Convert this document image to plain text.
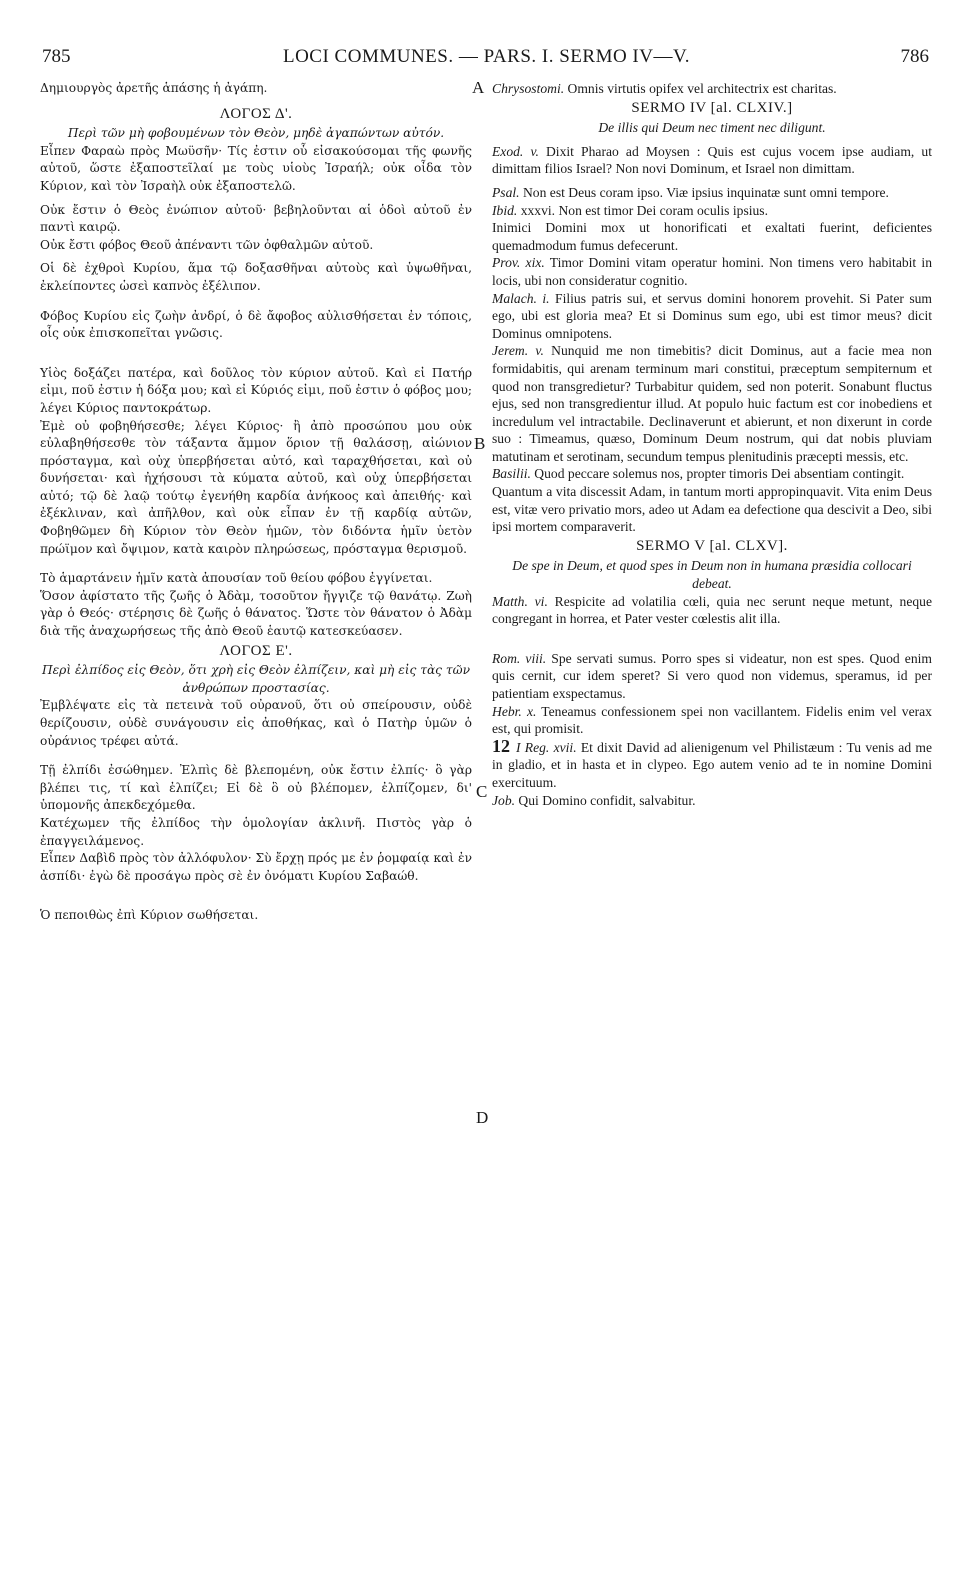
785	LOCI COMMUNES. — PARS. I. SERMO IV—V.	786
A
B
C
D

Δημιουργὸς ἀρετῆς ἁπάσης ἡ ἀγάπη.

ΛΟΓΟΣ Δ'.

Περὶ τῶν μὴ φοβουμένων τὸν Θεὸν, μηδὲ ἀγαπώντων αὐτόν.

Εἶπεν Φαραὼ πρὸς Μωϋσῆν· Τίς ἐστιν οὗ εἰσακούσομαι τῆς φωνῆς αὐτοῦ, ὥστε ἐξαποστεῖλαί με τοὺς υἱοὺς Ἰσραήλ; οὐκ οἶδα τὸν Κύριον, καὶ τὸν Ἰσραὴλ οὐκ ἐξαποστελῶ.

Οὐκ ἔστιν ὁ Θεὸς ἐνώπιον αὐτοῦ· βεβηλοῦνται αἱ ὁδοὶ αὐτοῦ ἐν παντὶ καιρῷ.

Οὐκ ἔστι φόβος Θεοῦ ἀπέναντι τῶν ὀφθαλμῶν αὐτοῦ.

Οἱ δὲ ἐχθροὶ Κυρίου, ἅμα τῷ δοξασθῆναι αὐτοὺς καὶ ὑψωθῆναι, ἐκλείποντες ὡσεὶ καπνὸς ἐξέλιπον.

Φόβος Κυρίου εἰς ζωὴν ἀνδρί, ὁ δὲ ἄφοβος αὐλισθήσεται ἐν τόποις, οἷς οὐκ ἐπισκοπεῖται γνῶσις.

Υἱὸς δοξάζει πατέρα, καὶ δοῦλος τὸν κύριον αὐτοῦ. Καὶ εἰ Πατήρ εἰμι, ποῦ ἐστιν ἡ δόξα μου; καὶ εἰ Κύριός εἰμι, ποῦ ἐστιν ὁ φόβος μου; λέγει Κύριος παντοκράτωρ.

Ἐμὲ οὐ φοβηθήσεσθε; λέγει Κύριος· ἢ ἀπὸ προσώπου μου οὐκ εὐλαβηθήσεσθε τὸν τάξαντα ἄμμον ὅριον τῇ θαλάσσῃ, αἰώνιον πρόσταγμα, καὶ οὐχ ὑπερβήσεται αὐτό, καὶ ταραχθήσεται, καὶ οὐ δυνήσεται· καὶ ἠχήσουσι τὰ κύματα αὐτοῦ, καὶ οὐχ ὑπερβήσεται αὐτό; τῷ δὲ λαῷ τούτῳ ἐγενήθη καρδία ἀνήκοος καὶ ἀπειθής· καὶ ἐξέκλιναν, καὶ ἀπῆλθον, καὶ οὐκ εἶπαν ἐν τῇ καρδίᾳ αὐτῶν, Φοβηθῶμεν δὴ Κύριον τὸν Θεὸν ἡμῶν, τὸν διδόντα ἡμῖν ὑετὸν πρώϊμον καὶ ὄψιμον, κατὰ καιρὸν πληρώσεως, πρόσταγμα θερισμοῦ.

Τὸ ἁμαρτάνειν ἡμῖν κατὰ ἀπουσίαν τοῦ θείου φόβου ἐγγίνεται.

Ὅσον ἀφίστατο τῆς ζωῆς ὁ Ἀδὰμ, τοσοῦτον ἤγγιζε τῷ θανάτῳ. Ζωὴ γὰρ ὁ Θεός· στέρησις δὲ ζωῆς ὁ θάνατος. Ὥστε τὸν θάνατον ὁ Ἀδὰμ διὰ τῆς ἀναχωρήσεως τῆς ἀπὸ Θεοῦ ἑαυτῷ κατεσκεύασεν.

ΛΟΓΟΣ Ε'.

Περὶ ἐλπίδος εἰς Θεὸν, ὅτι χρὴ εἰς Θεὸν ἐλπίζειν, καὶ μὴ εἰς τὰς τῶν ἀνθρώπων προστασίας.

Ἐμβλέψατε εἰς τὰ πετεινὰ τοῦ οὐρανοῦ, ὅτι οὐ σπείρουσιν, οὐδὲ θερίζουσιν, οὐδὲ συνάγουσιν εἰς ἀποθήκας, καὶ ὁ Πατὴρ ὑμῶν ὁ οὐράνιος τρέφει αὐτά.

Τῇ ἐλπίδι ἐσώθημεν. Ἐλπὶς δὲ βλεπομένη, οὐκ ἔστιν ἐλπίς· ὃ γὰρ βλέπει τις, τί καὶ ἐλπίζει; Εἰ δὲ ὃ οὐ βλέπομεν, ἐλπίζομεν, δι' ὑπομονῆς ἀπεκδεχόμεθα.

Κατέχωμεν τῆς ἐλπίδος τὴν ὁμολογίαν ἀκλινῆ. Πιστὸς γὰρ ὁ ἐπαγγειλάμενος.

Εἶπεν Δαβὶδ πρὸς τὸν ἀλλόφυλον· Σὺ ἔρχῃ πρός με ἐν ῥομφαίᾳ καὶ ἐν ἀσπίδι· ἐγὼ δὲ προσάγω πρὸς σὲ ἐν ὀνόματι Κυρίου Σαβαώθ.

Ὁ πεποιθὼς ἐπὶ Κύριον σωθήσεται.

Chrysostomi. Omnis virtutis opifex vel architectrix est charitas.

SERMO IV [al. CLXIV.]

De illis qui Deum nec timent nec diligunt.

Exod. v. Dixit Pharao ad Moysen : Quis est cujus vocem ipse audiam, ut dimittam filios Israel? Non novi Dominum, et Israel non dimittam.

Psal. Non est Deus coram ipso. Viæ ipsius inquinatæ sunt omni tempore.

Ibid. xxxvi. Non est timor Dei coram oculis ipsius.

Inimici Domini mox ut honorificati et exaltati fuerint, deficientes quemadmodum fumus defecerunt.

Prov. xix. Timor Domini vitam operatur homini. Non timens vero habitabit in locis, ubi non consideratur cognitio.

Malach. i. Filius patris sui, et servus domini honorem provehit. Si Pater sum ego, ubi est gloria mea? Et si Dominus sum ego, ubi est timor meus? dicit Dominus omnipotens.

Jerem. v. Nunquid me non timebitis? dicit Dominus, aut a facie mea non formidabitis, qui arenam terminum mari constitui, præceptum sempiternum et quod non transgredietur? Turbabitur quidem, sed non poterit. Sonabunt fluctus ejus, sed non transgredientur illud. At populo huic factum est cor inobediens et incredulum vel intractabile. Declinaverunt et abierunt, et non dixerunt in corde suo : Timeamus, quæso, Dominum Deum nostrum, qui dat nobis pluviam matutinam et serotinam, secundum tempus plenitudinis præcepti messis, etc.

Basilii. Quod peccare solemus nos, propter timoris Dei absentiam contingit.

Quantum a vita discessit Adam, in tantum morti appropinquavit. Vita enim Deus est, vitæ vero privatio mors, adeo ut Adam ea defectione qua descivit a Deo, sibi ipsi mortem comparaverit.

SERMO V [al. CLXV].

De spe in Deum, et quod spes in Deum non in humana præsidia collocari debeat.

Matth. vi. Respicite ad volatilia cœli, quia nec serunt neque metunt, neque congregant in horrea, et Pater vester cœlestis alit illa.

Rom. viii. Spe servati sumus. Porro spes si videatur, non est spes. Quod enim quis cernit, cur idem speret? Si vero quod non videmus, speramus, id per patientiam exspectamus.

Hebr. x. Teneamus confessionem spei non vacillantem. Fidelis enim vel verax est, qui promisit.

12 I Reg. xvii. Et dixit David ad alienigenum vel Philistæum : Tu venis ad me in gladio, et in hasta et in clypeo. Ego autem venio ad te in nomine Domini exercituum.

Job. Qui Domino confidit, salvabitur.
